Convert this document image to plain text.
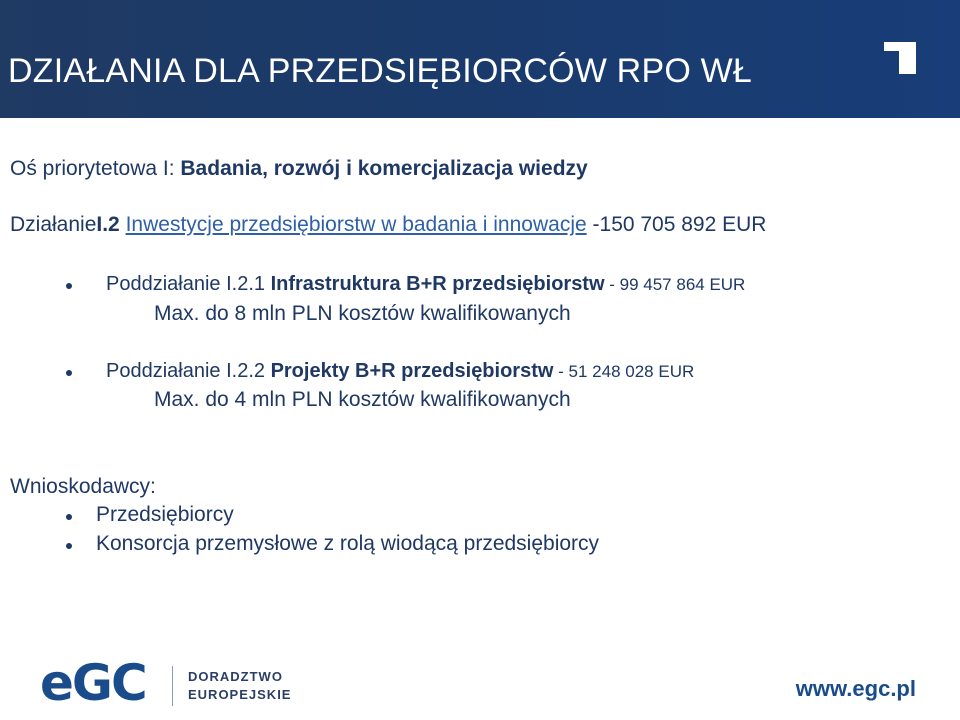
DZIAŁANIA DLA PRZEDSIĘBIORCÓW RPO WŁ
Oś priorytetowa I: Badania, rozwój i komercjalizacja wiedzy
DziałanieI.2 Inwestycje przedsiębiorstw w badania i innowacje -150 705 892 EUR
Poddziałanie I.2.1 Infrastruktura B+R przedsiębiorstw - 99 457 864 EUR
Max. do 8 mln PLN kosztów kwalifikowanych
Poddziałanie I.2.2 Projekty B+R przedsiębiorstw - 51 248 028 EUR
Max. do 4 mln PLN kosztów kwalifikowanych
Wnioskodawcy:
Przedsiębiorcy
Konsorcja przemysłowe z rolą wiodącą przedsiębiorcy
eGC	DORADZTWO
EUROPEJSKIE	www.egc.pl
